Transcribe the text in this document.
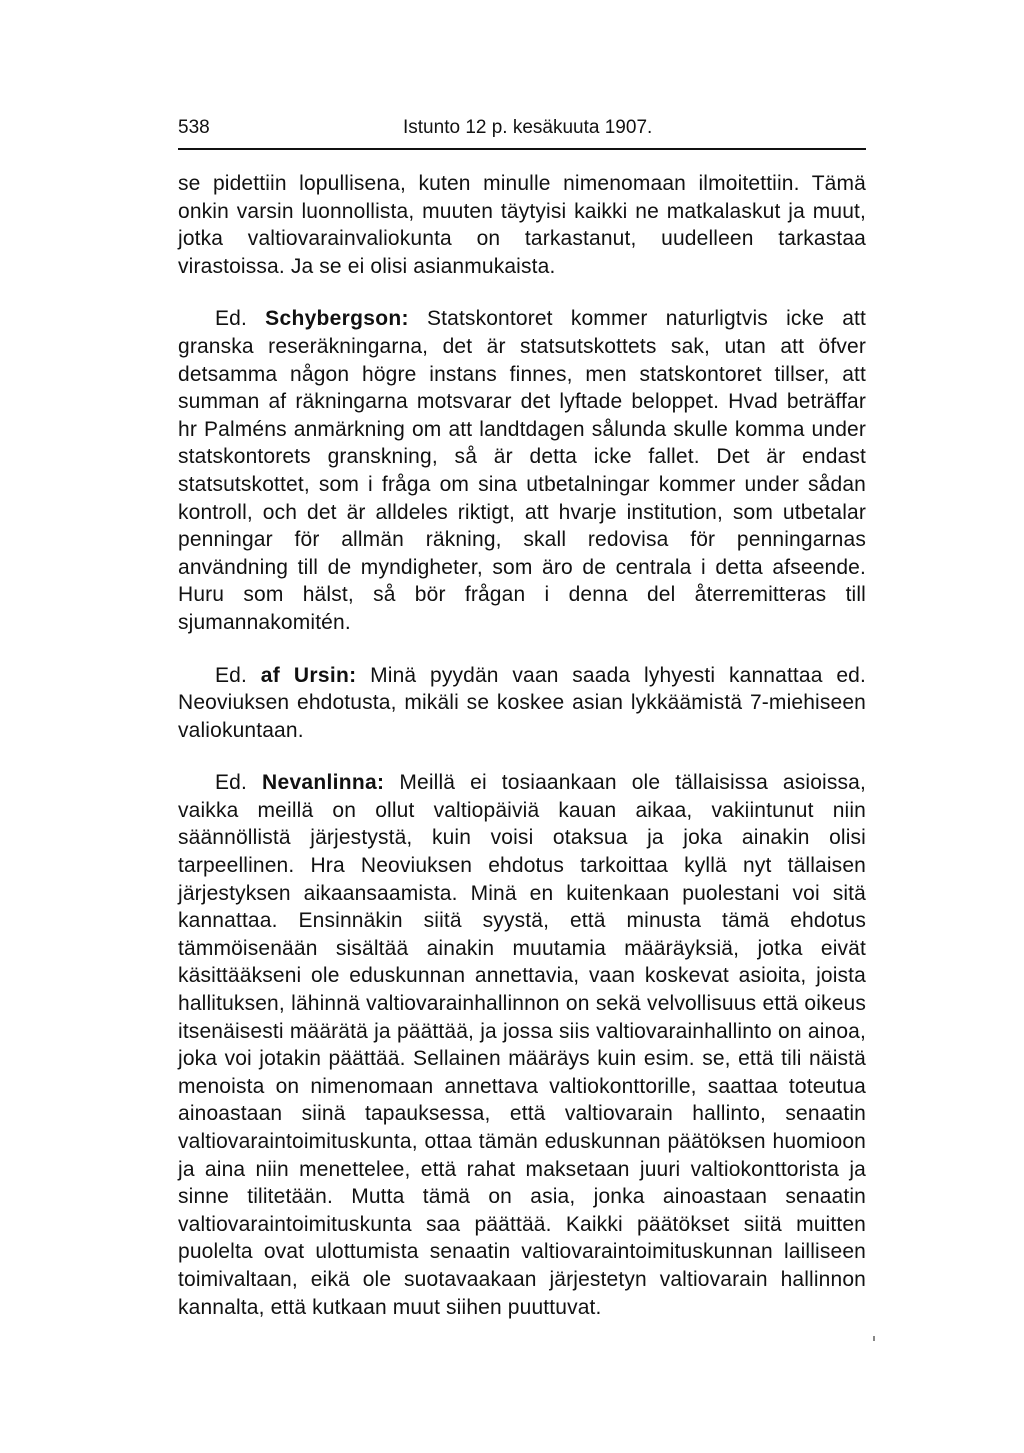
538	Istunto 12 p. kesäkuuta 1907.

se pidettiin lopullisena, kuten minulle nimenomaan ilmoitettiin. Tämä onkin varsin luonnollista, muuten täytyisi kaikki ne matkalaskut ja muut, jotka valtiovarainvaliokunta on tarkastanut, uudelleen tarkastaa virastoissa. Ja se ei olisi asianmukaista.

Ed. Schybergson: Statskontoret kommer naturligtvis icke att granska reseräkningarna, det är statsutskottets sak, utan att öfver detsamma någon högre instans finnes, men statskontoret tillser, att summan af räkningarna motsvarar det lyftade beloppet. Hvad beträffar hr Palméns anmärkning om att landtdagen sålunda skulle komma under statskontorets granskning, så är detta icke fallet. Det är endast statsutskottet, som i fråga om sina utbetalningar kommer under sådan kontroll, och det är alldeles riktigt, att hvarje institution, som utbetalar penningar för allmän räkning, skall redovisa för penningarnas användning till de myndigheter, som äro de centrala i detta afseende. Huru som hälst, så bör frågan i denna del återremitteras till sjumannakomitén.

Ed. af Ursin: Minä pyydän vaan saada lyhyesti kannattaa ed. Neoviuksen ehdotusta, mikäli se koskee asian lykkäämistä 7-miehiseen valiokuntaan.

Ed. Nevanlinna: Meillä ei tosiaankaan ole tällaisissa asioissa, vaikka meillä on ollut valtiopäiviä kauan aikaa, vakiintunut niin säännöllistä järjestystä, kuin voisi otaksua ja joka ainakin olisi tarpeellinen. Hra Neoviuksen ehdotus tarkoittaa kyllä nyt tällaisen järjestyksen aikaansaamista. Minä en kuitenkaan puolestani voi sitä kannattaa. Ensinnäkin siitä syystä, että minusta tämä ehdotus tämmöisenään sisältää ainakin muutamia määräyksiä, jotka eivät käsittääkseni ole eduskunnan annettavia, vaan koskevat asioita, joista hallituksen, lähinnä valtiovarainhallinnon on sekä velvollisuus että oikeus itsenäisesti määrätä ja päättää, ja jossa siis valtiovarainhallinto on ainoa, joka voi jotakin päättää. Sellainen määräys kuin esim. se, että tili näistä menoista on nimenomaan annettava valtiokonttorille, saattaa toteutua ainoastaan siinä tapauksessa, että valtiovarain hallinto, senaatin valtiovaraintoimituskunta, ottaa tämän eduskunnan päätöksen huomioon ja aina niin menettelee, että rahat maksetaan juuri valtiokonttorista ja sinne tilitetään. Mutta tämä on asia, jonka ainoastaan senaatin valtiovaraintoimituskunta saa päättää. Kaikki päätökset siitä muitten puolelta ovat ulottumista senaatin valtiovaraintoimituskunnan lailliseen toimivaltaan, eikä ole suotavaakaan järjestetyn valtiovarain hallinnon kannalta, että kutkaan muut siihen puuttuvat.
